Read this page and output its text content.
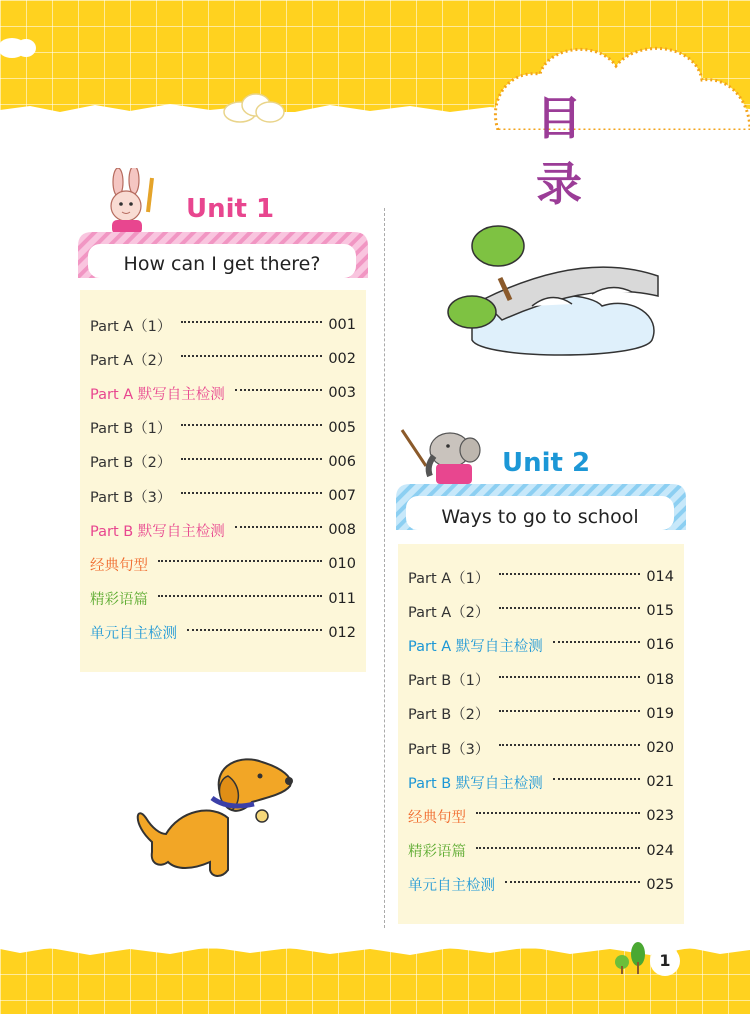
目 录
Unit 1
How can I get there?
Part A（1）	001
Part A（2）	002
Part A 默写自主检测	003
Part B（1）	005
Part B（2）	006
Part B（3）	007
Part B 默写自主检测	008
经典句型	010
精彩语篇	011
单元自主检测	012
Unit 2
Ways to go to school
Part A（1）	014
Part A（2）	015
Part A 默写自主检测	016
Part B（1）	018
Part B（2）	019
Part B（3）	020
Part B 默写自主检测	021
经典句型	023
精彩语篇	024
单元自主检测	025
1
